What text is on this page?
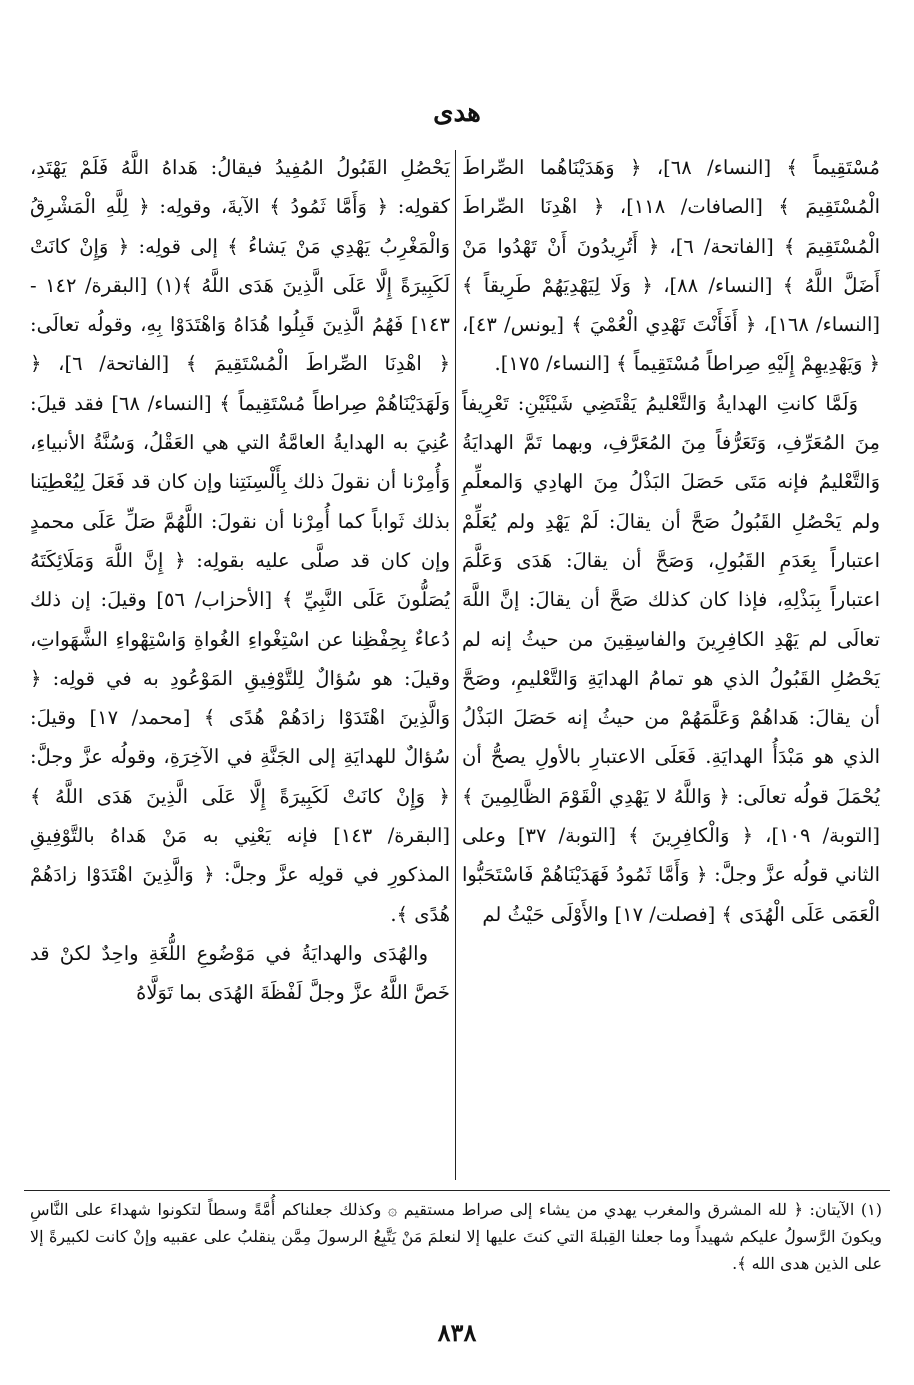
هدى

مُسْتَقِيماً ﴾ [النساء/ ٦٨]، ﴿ وَهَدَيْنَاهُما الصِّراطَ الْمُسْتَقِيمَ ﴾ [الصافات/ ١١٨]، ﴿ اهْدِنَا الصِّراطَ الْمُسْتَقِيمَ ﴾ [الفاتحة/ ٦]، ﴿ أَتُرِيدُونَ أَنْ تَهْدُوا مَنْ أَضَلَّ اللَّهُ ﴾ [النساء/ ٨٨]، ﴿ وَلَا لِيَهْدِيَهُمْ طَرِيقاً ﴾ [النساء/ ١٦٨]، ﴿ أَفَأَنْتَ تَهْدِي الْعُمْيَ ﴾ [يونس/ ٤٣]، ﴿ وَيَهْدِيهِمْ إِلَيْهِ صِراطاً مُسْتَقِيماً ﴾ [النساء/ ١٧٥].

وَلَمَّا كانتِ الهدايةُ وَالتَّعْليمُ يَقْتَضِي شَيْئَيْنِ: تَعْرِيفاً مِنَ المُعَرِّفِ، وَتَعَرُّفاً مِنَ المُعَرَّفِ، وبهما تَمَّ الهدايَةُ وَالتَّعْليمُ فإنه مَتَى حَصَلَ البَذْلُ مِنَ الهادِي وَالمعلِّمِ ولم يَحْصُلِ القَبُولُ صَحَّ أن يقالَ: لَمْ يَهْدِ ولم يُعَلِّمْ اعتباراً بِعَدَمِ القَبُولِ، وَصَحَّ أن يقالَ: هَدَى وَعَلَّمَ اعتباراً بِبَذْلِهِ، فإذا كان كذلك صَحَّ أن يقالَ: إنَّ اللَّهَ تعالَى لم يَهْدِ الكافِرِينَ والفاسِقِينَ من حيثُ إنه لم يَحْصُلِ القَبُولُ الذي هو تمامُ الهدايَةِ وَالتَّعْليمِ، وصَحَّ أن يقالَ: هَداهُمْ وَعَلَّمَهُمْ من حيثُ إنه حَصَلَ البَذْلُ الذي هو مَبْدَأُ الهدايَةِ. فَعَلَى الاعتبارِ بالأولِ يصحُّ أن يُحْمَلَ قولُه تعالَى: ﴿ وَاللَّهُ لا يَهْدِي الْقَوْمَ الظَّالِمِينَ ﴾ [التوبة/ ١٠٩]، ﴿ وَالْكافِرِينَ ﴾ [التوبة/ ٣٧] وعلى الثاني قولُه عزَّ وجلَّ: ﴿ وَأَمَّا ثَمُودُ فَهَدَيْنَاهُمْ فَاسْتَحَبُّوا الْعَمَى عَلَى الْهُدَى ﴾ [فصلت/ ١٧] والأَوْلَى حَيْثُ لم

يَحْصُلِ القَبُولُ المُفِيدُ فيقالُ: هَداهُ اللَّهُ فَلَمْ يَهْتَدِ، كقولِه: ﴿ وَأَمَّا ثَمُودُ ﴾ الآيةَ، وقولِه: ﴿ لِلَّهِ الْمَشْرِقُ وَالْمَغْرِبُ يَهْدِي مَنْ يَشاءُ ﴾ إلى قولِه: ﴿ وَإِنْ كانَتْ لَكَبِيرَةً إِلَّا عَلَى الَّذِينَ هَدَى اللَّهُ ﴾(١) [البقرة/ ١٤٢ - ١٤٣] فَهُمُ الَّذِينَ قَبِلُوا هُدَاهُ وَاهْتَدَوْا بِهِ، وقولُه تعالَى: ﴿ اهْدِنَا الصِّراطَ الْمُسْتَقِيمَ ﴾ [الفاتحة/ ٦]، ﴿ وَلَهَدَيْنَاهُمْ صِراطاً مُسْتَقِيماً ﴾ [النساء/ ٦٨] فقد قيلَ: عُنِيَ به الهدايةُ العامَّةُ التي هي العَقْلُ، وَسُنَّةُ الأنبياءِ، وَأُمِرْنا أن نقولَ ذلك بِأَلْسِنَتِنا وإن كان قد فَعَلَ لِيُعْطِيَنا بذلك ثَواباً كما أُمِرْنا أن نقولَ: اللَّهُمَّ صَلِّ عَلَى محمدٍ وإن كان قد صلَّى عليه بقولِه: ﴿ إِنَّ اللَّهَ وَمَلَائِكَتَهُ يُصَلُّونَ عَلَى النَّبِيِّ ﴾ [الأحزاب/ ٥٦] وقيلَ: إن ذلك دُعاءٌ بِحِفْظِنا عن اسْتِغْواءِ الغُواةِ وَاسْتِهْواءِ الشَّهَواتِ، وقيلَ: هو سُؤالٌ لِلتَّوْفِيقِ المَوْعُودِ به في قولِه: ﴿ وَالَّذِينَ اهْتَدَوْا زادَهُمْ هُدًى ﴾ [محمد/ ١٧] وقيلَ: سُؤالٌ للهدايَةِ إلى الجَنَّةِ في الآخِرَةِ، وقولُه عزَّ وجلَّ: ﴿ وَإِنْ كانَتْ لَكَبِيرَةً إِلَّا عَلَى الَّذِينَ هَدَى اللَّهُ ﴾ [البقرة/ ١٤٣] فإنه يَعْنِي به مَنْ هَداهُ بالتَّوْفِيقِ المذكورِ في قولِه عزَّ وجلَّ: ﴿ وَالَّذِينَ اهْتَدَوْا زادَهُمْ هُدًى ﴾.

والهُدَى والهدايَةُ في مَوْضُوعِ اللُّغَةِ واحِدٌ لكنْ قد خَصَّ اللَّهُ عزَّ وجلَّ لَفْظَةَ الهُدَى بما تَوَلَّاهُ

(١) الآيتان: ﴿ لله المشرق والمغرب يهدي من يشاء إلى صراط مستقيم ۞ وكذلك جعلناكم أُمَّةً وسطاً لتكونوا شهداءَ على النَّاسِ ويكونَ الرَّسولُ عليكم شهيداً وما جعلنا القِبلةَ التي كنتَ عليها إلا لنعلمَ مَنْ يَتَّبِعُ الرسولَ مِمَّن ينقلبُ على عقبيه وإنْ كانت لكبيرةً إلا على الذين هدى الله ﴾.

٨٣٨
